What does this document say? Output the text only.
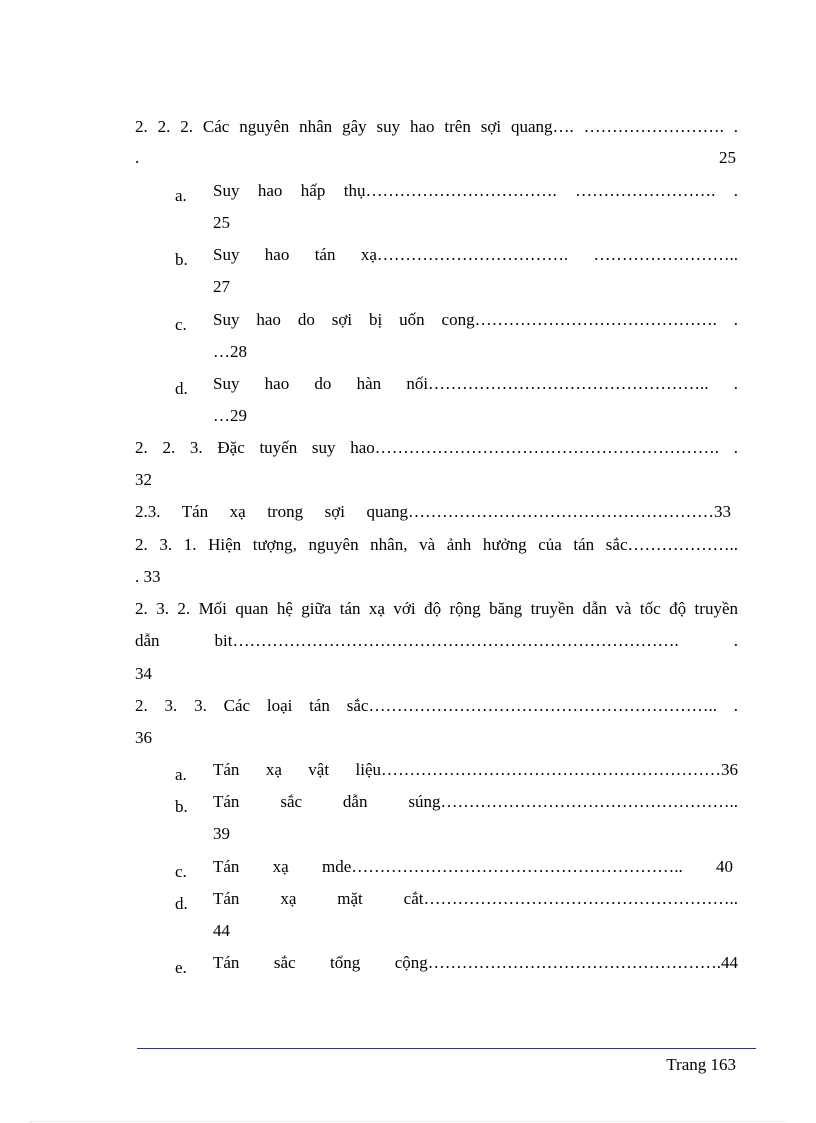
2. 2. 2. Các nguyên nhân gây suy hao trên sợi quang…. ……………………. .
.	25
a.	Suy hao hấp thụ……………………………. ……………………. .
25
b.	Suy hao tán xạ……………………………. ……………………..
27
c.	Suy hao do sợi bị uốn cong……………………………………. .
…28
d.	Suy hao do hàn nối………………………………………….. .
…29
2. 2. 3. Đặc tuyến suy hao……………………………………………………. .
32
2.3. Tán xạ trong sợi quang………………………………………………33
2. 3. 1. Hiện tượng, nguyên nhân, và ảnh hưởng của tán sắc………………..
. 33
2. 3. 2. Mối quan hệ giữa tán xạ với độ rộng băng truyền dẫn và tốc độ truyền
dẫn bit……………………………………………………………………. .
34
2. 3. 3. Các loại tán sắc…………………………………………………….. .
36
a.	Tán xạ vật liệu……………………………………………………36
b.	Tán sắc dẫn súng……………………………………………..
39
c.	Tán xạ mde………………………………………………….. 40
d.	Tán xạ mặt cắt………………………………………………..
44
e.	Tán sắc tổng cộng…………………………………………….44
Trang 163
